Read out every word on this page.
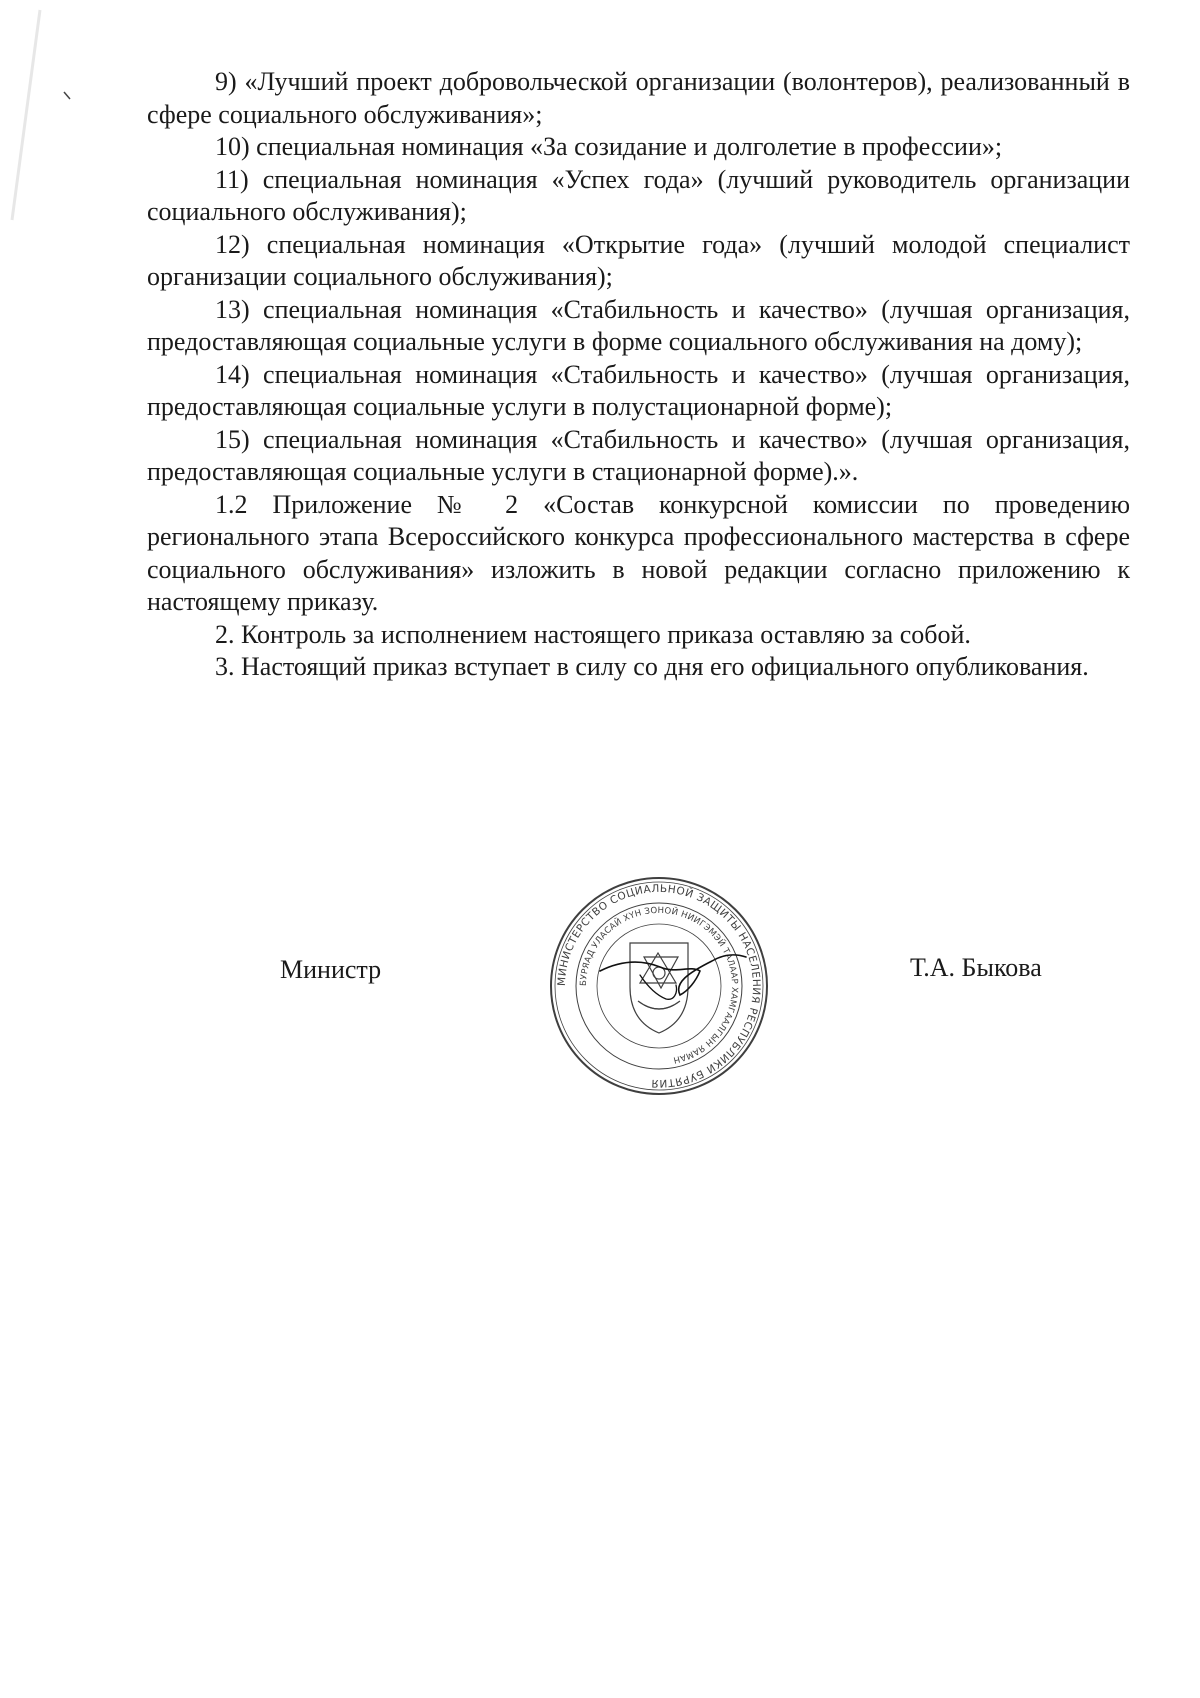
9) «Лучший проект добровольческой организации (волонтеров), реализованный в сфере социального обслуживания»;

10) специальная номинация «За созидание и долголетие в профессии»;

11) специальная номинация «Успех года» (лучший руководитель организации социального обслуживания);

12) специальная номинация «Открытие года» (лучший молодой специалист организации социального обслуживания);

13) специальная номинация «Стабильность и качество» (лучшая организация, предоставляющая социальные услуги в форме социального обслуживания на дому);

14) специальная номинация «Стабильность и качество» (лучшая организация, предоставляющая социальные услуги в полустационарной форме);

15) специальная номинация «Стабильность и качество» (лучшая организация, предоставляющая социальные услуги в стационарной форме).».

1.2 Приложение № 2 «Состав конкурсной комиссии по проведению регионального этапа Всероссийского конкурса профессионального мастерства в сфере социального обслуживания» изложить в новой редакции согласно приложению к настоящему приказу.

2. Контроль за исполнением настоящего приказа оставляю за собой.

3. Настоящий приказ вступает в силу со дня его официального опубликования.

Министр	Т.А. Быкова
МИНИСТЕРСТВО СОЦИАЛЬНОЙ ЗАЩИТЫ НАСЕЛЕНИЯ РЕСПУБЛИКИ БУРЯТИЯ
БУРЯАД УЛАСАЙ ХҮН ЗОНОЙ НИИГЭМЭЙ ТАЛААР ХАМГААЛГЫН ЯАМАН
